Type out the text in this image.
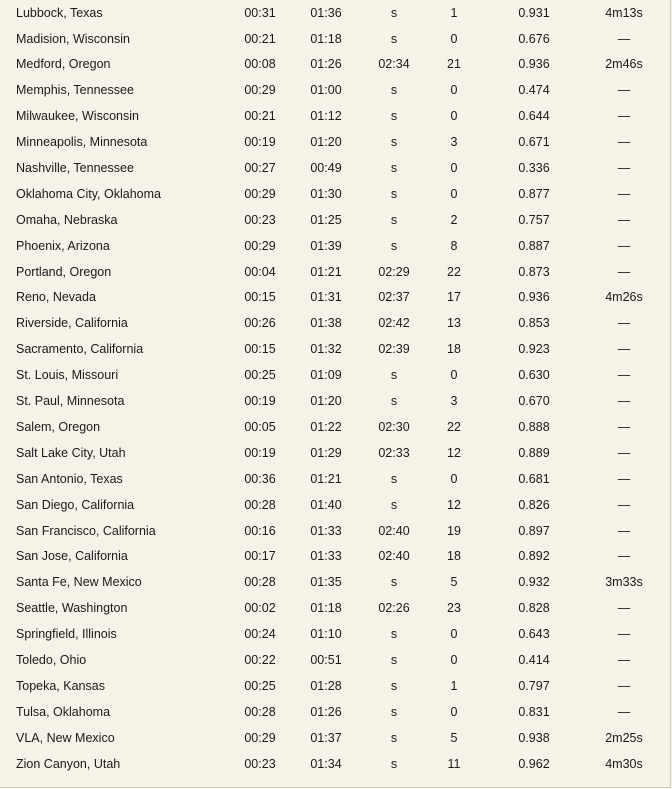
Lubbock, Texas	00:31	01:36	s	1	0.931	4m13s
Madision, Wisconsin	00:21	01:18	s	0	0.676	—
Medford, Oregon	00:08	01:26	02:34	21	0.936	2m46s
Memphis, Tennessee	00:29	01:00	s	0	0.474	—
Milwaukee, Wisconsin	00:21	01:12	s	0	0.644	—
Minneapolis, Minnesota	00:19	01:20	s	3	0.671	—
Nashville, Tennessee	00:27	00:49	s	0	0.336	—
Oklahoma City, Oklahoma	00:29	01:30	s	0	0.877	—
Omaha, Nebraska	00:23	01:25	s	2	0.757	—
Phoenix, Arizona	00:29	01:39	s	8	0.887	—
Portland, Oregon	00:04	01:21	02:29	22	0.873	—
Reno, Nevada	00:15	01:31	02:37	17	0.936	4m26s
Riverside, California	00:26	01:38	02:42	13	0.853	—
Sacramento, California	00:15	01:32	02:39	18	0.923	—
St. Louis, Missouri	00:25	01:09	s	0	0.630	—
St. Paul, Minnesota	00:19	01:20	s	3	0.670	—
Salem, Oregon	00:05	01:22	02:30	22	0.888	—
Salt Lake City, Utah	00:19	01:29	02:33	12	0.889	—
San Antonio, Texas	00:36	01:21	s	0	0.681	—
San Diego, California	00:28	01:40	s	12	0.826	—
San Francisco, California	00:16	01:33	02:40	19	0.897	—
San Jose, California	00:17	01:33	02:40	18	0.892	—
Santa Fe, New Mexico	00:28	01:35	s	5	0.932	3m33s
Seattle, Washington	00:02	01:18	02:26	23	0.828	—
Springfield, Illinois	00:24	01:10	s	0	0.643	—
Toledo, Ohio	00:22	00:51	s	0	0.414	—
Topeka, Kansas	00:25	01:28	s	1	0.797	—
Tulsa, Oklahoma	00:28	01:26	s	0	0.831	—
VLA, New Mexico	00:29	01:37	s	5	0.938	2m25s
Zion Canyon, Utah	00:23	01:34	s	11	0.962	4m30s
